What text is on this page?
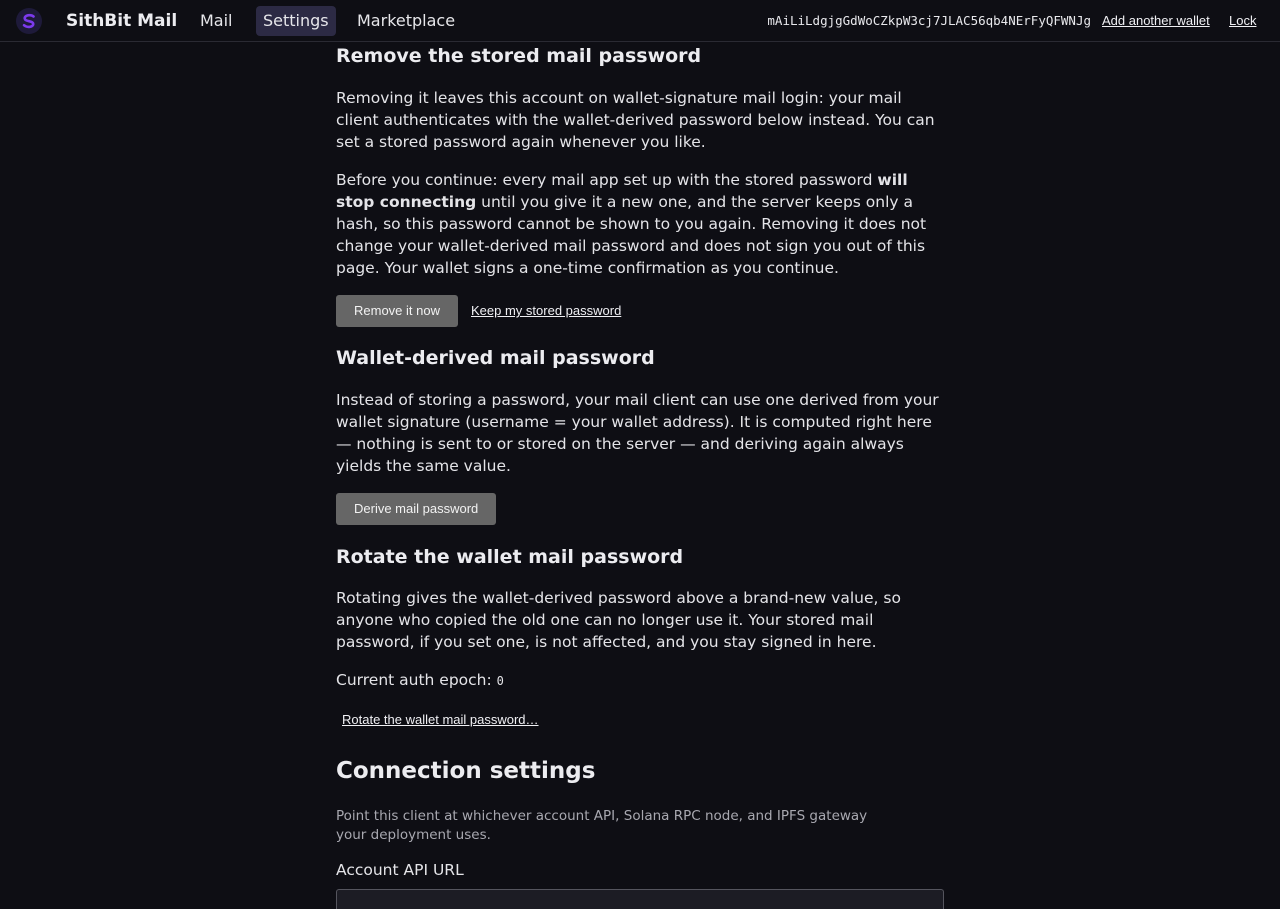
SithBit Mail	Mail	Settings	Marketplace	mAiLiLdgjgGdWoCZkpW3cj7JLAC56qb4NErFyQFWNJg Add another wallet Lock
Remove the stored mail password

Removing it leaves this account on wallet-signature mail login: your mail client authenticates with the wallet-derived password below instead. You can set a stored password again whenever you like.

Before you continue: every mail app set up with the stored password will stop connecting until you give it a new one, and the server keeps only a hash, so this password cannot be shown to you again. Removing it does not change your wallet-derived mail password and does not sign you out of this page. Your wallet signs a one-time confirmation as you continue.

Remove it now	Keep my stored password
Wallet-derived mail password

Instead of storing a password, your mail client can use one derived from your wallet signature (username = your wallet address). It is computed right here — nothing is sent to or stored on the server — and deriving again always yields the same value.

Derive mail password
Rotate the wallet mail password

Rotating gives the wallet-derived password above a brand-new value, so anyone who copied the old one can no longer use it. Your stored mail password, if you set one, is not affected, and you stay signed in here.

Current auth epoch: 0

Rotate the wallet mail password…
Connection settings

Point this client at whichever account API, Solana RPC node, and IPFS gateway your deployment uses.

Account API URL
